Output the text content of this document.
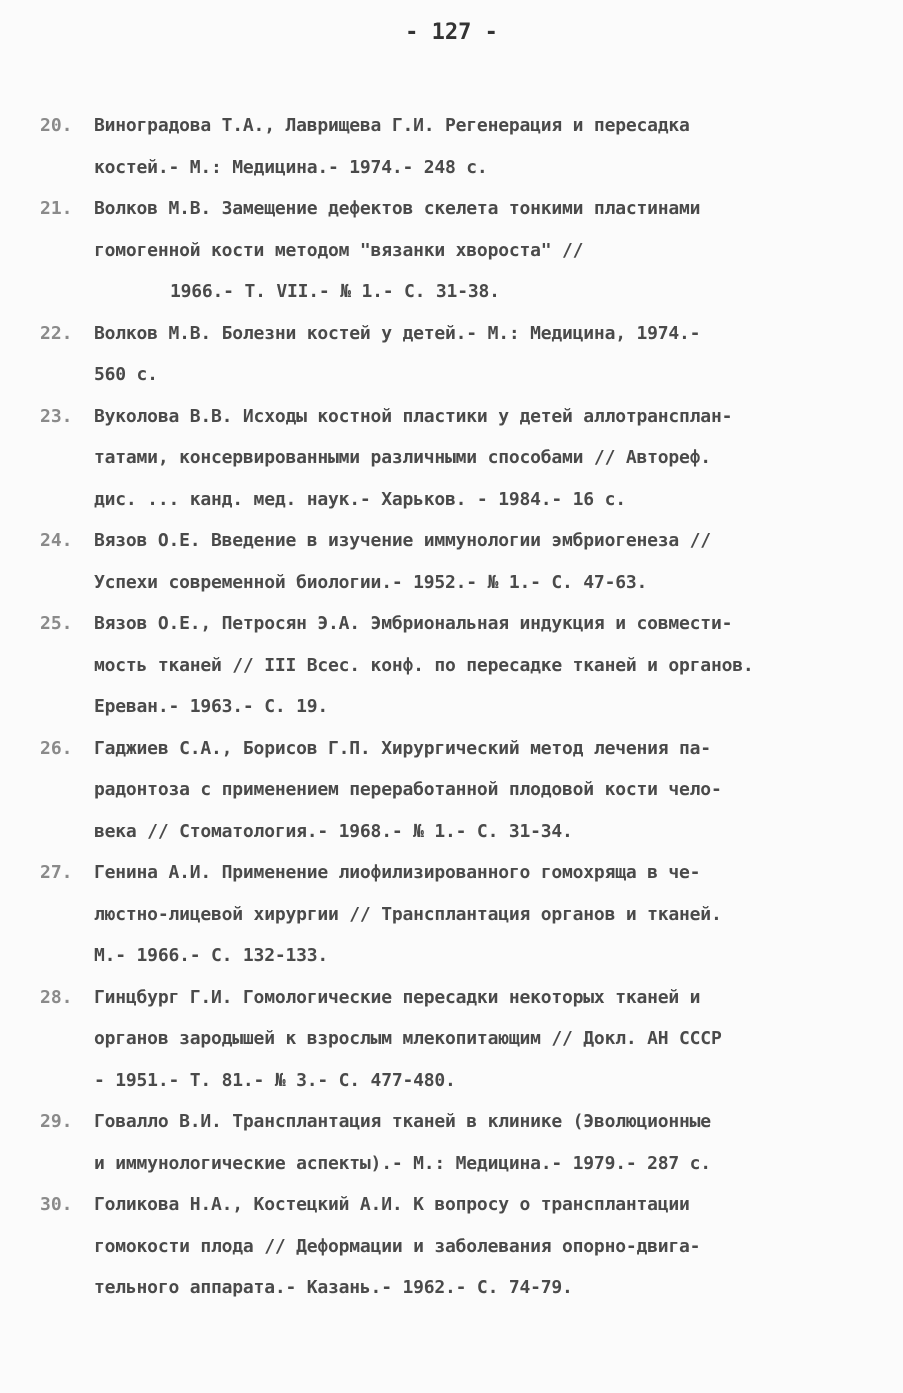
- 127 -
20.	Виноградова Т.А., Лаврищева Г.И. Регенерация и пересадка
костей.- М.: Медицина.- 1974.- 248 с.
21.	Волков М.В. Замещение дефектов скелета тонкими пластинами
гомогенной кости методом "вязанки хвороста" //
1966.- Т. VII.- № 1.- С. 31-38.
22.	Волков М.В. Болезни костей у детей.- М.: Медицина, 1974.-
560 с.
23.	Вуколова В.В. Исходы костной пластики у детей аллотрансплан-
татами, консервированными различными способами // Автореф.
дис. ... канд. мед. наук.- Харьков. - 1984.- 16 с.
24.	Вязов О.Е. Введение в изучение иммунологии эмбриогенеза //
Успехи современной биологии.- 1952.- № 1.- С. 47-63.
25.	Вязов О.Е., Петросян Э.А. Эмбриональная индукция и совмести-
мость тканей // III Всес. конф. по пересадке тканей и органов.
Ереван.- 1963.- С. 19.
26.	Гаджиев С.А., Борисов Г.П. Хирургический метод лечения па-
радонтоза с применением переработанной плодовой кости чело-
века // Стоматология.- 1968.- № 1.- С. 31-34.
27.	Генина А.И. Применение лиофилизированного гомохряща в че-
люстно-лицевой хирургии // Трансплантация органов и тканей.
М.- 1966.- С. 132-133.
28.	Гинцбург Г.И. Гомологические пересадки некоторых тканей и
органов зародышей к взрослым млекопитающим // Докл. АН СССР
- 1951.- Т. 81.- № 3.- С. 477-480.
29.	Говалло В.И. Трансплантация тканей в клинике (Эволюционные
и иммунологические аспекты).- М.: Медицина.- 1979.- 287 с.
30.	Голикова Н.А., Костецкий А.И. К вопросу о трансплантации
гомокости плода // Деформации и заболевания опорно-двига-
тельного аппарата.- Казань.- 1962.- С. 74-79.
